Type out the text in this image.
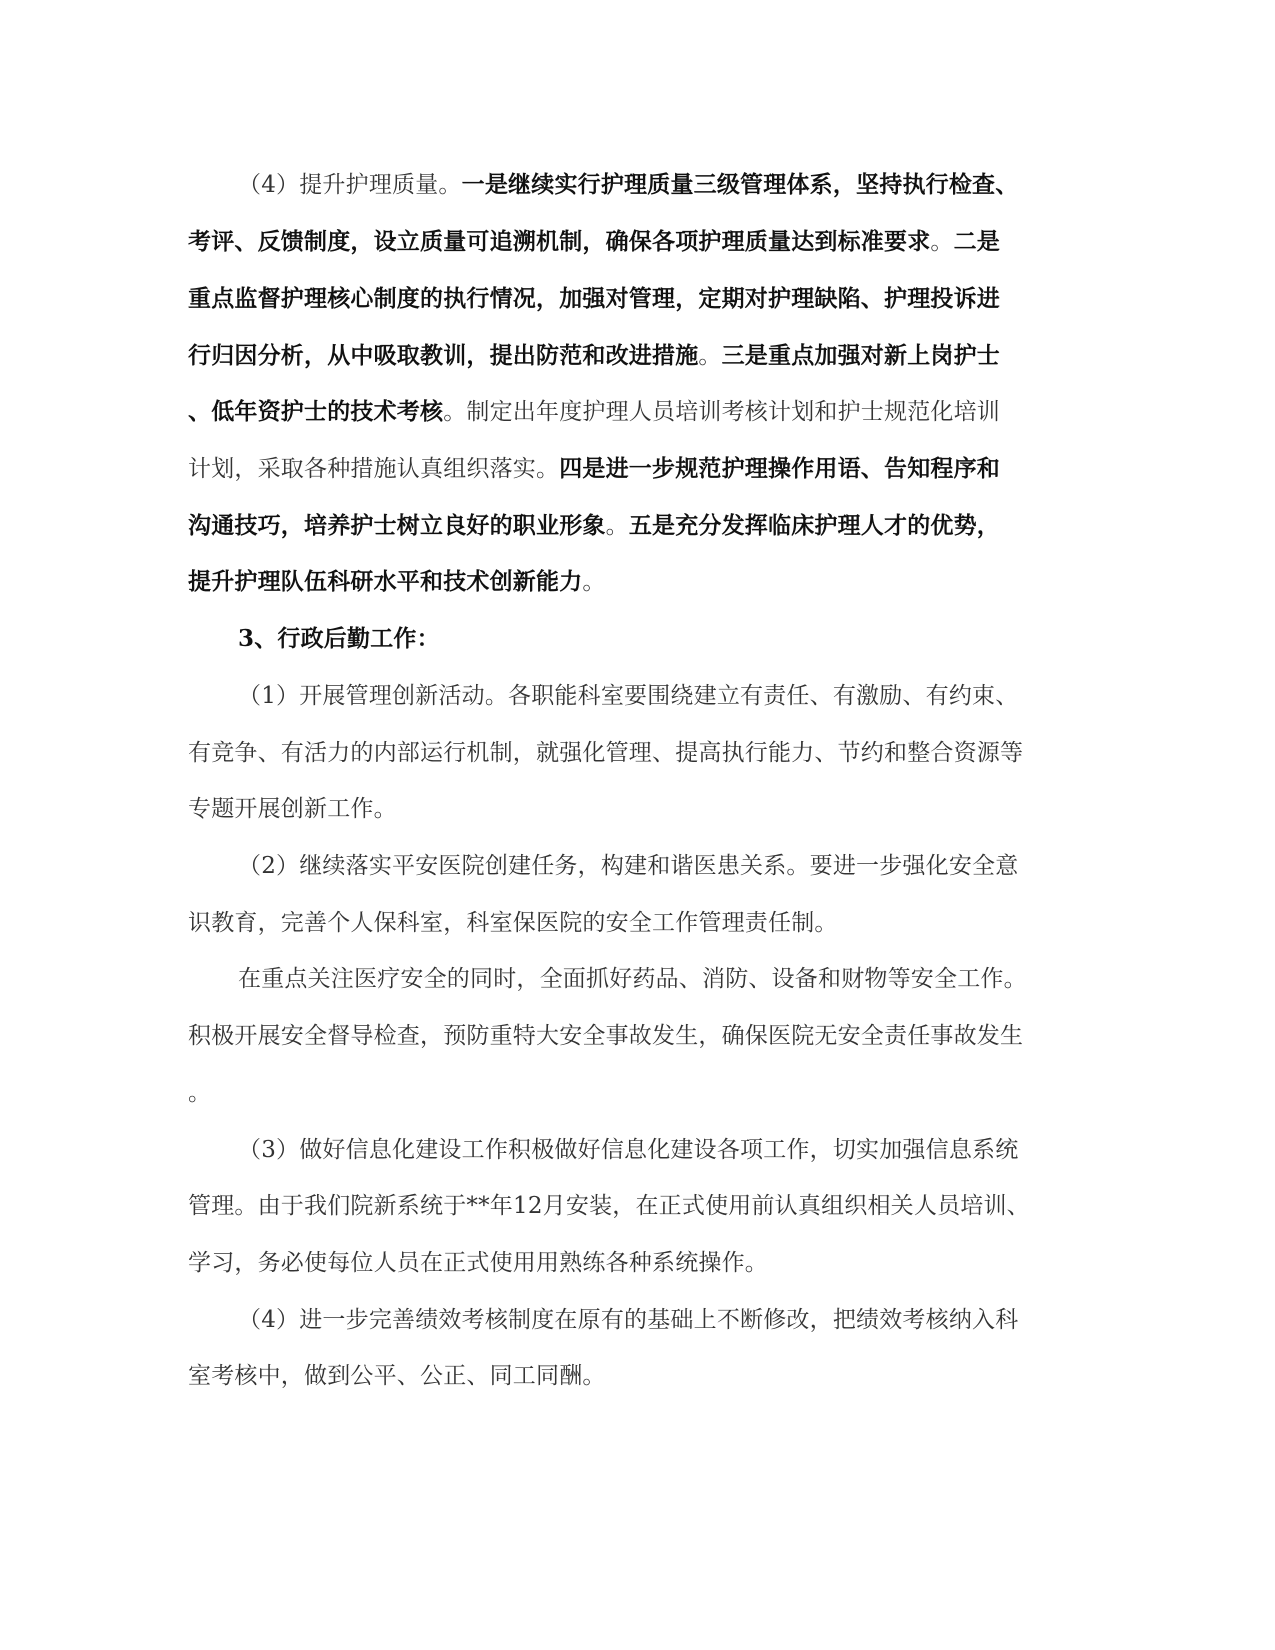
（4）提升护理质量。一是继续实行护理质量三级管理体系，坚持执行检查、
考评、反馈制度，设立质量可追溯机制，确保各项护理质量达到标准要求。二是
重点监督护理核心制度的执行情况，加强对管理，定期对护理缺陷、护理投诉进
行归因分析，从中吸取教训，提出防范和改进措施。三是重点加强对新上岗护士
、低年资护士的技术考核。制定出年度护理人员培训考核计划和护士规范化培训
计划，采取各种措施认真组织落实。四是进一步规范护理操作用语、告知程序和
沟通技巧，培养护士树立良好的职业形象。五是充分发挥临床护理人才的优势，
提升护理队伍科研水平和技术创新能力。
3、行政后勤工作：
（1）开展管理创新活动。各职能科室要围绕建立有责任、有激励、有约束、
有竞争、有活力的内部运行机制，就强化管理、提高执行能力、节约和整合资源等
专题开展创新工作。
（2）继续落实平安医院创建任务，构建和谐医患关系。要进一步强化安全意
识教育，完善个人保科室，科室保医院的安全工作管理责任制。
在重点关注医疗安全的同时，全面抓好药品、消防、设备和财物等安全工作。
积极开展安全督导检查，预防重特大安全事故发生，确保医院无安全责任事故发生
。
（3）做好信息化建设工作积极做好信息化建设各项工作，切实加强信息系统
管理。由于我们院新系统于**年12月安装，在正式使用前认真组织相关人员培训、
学习，务必使每位人员在正式使用用熟练各种系统操作。
（4）进一步完善绩效考核制度在原有的基础上不断修改，把绩效考核纳入科
室考核中，做到公平、公正、同工同酬。
